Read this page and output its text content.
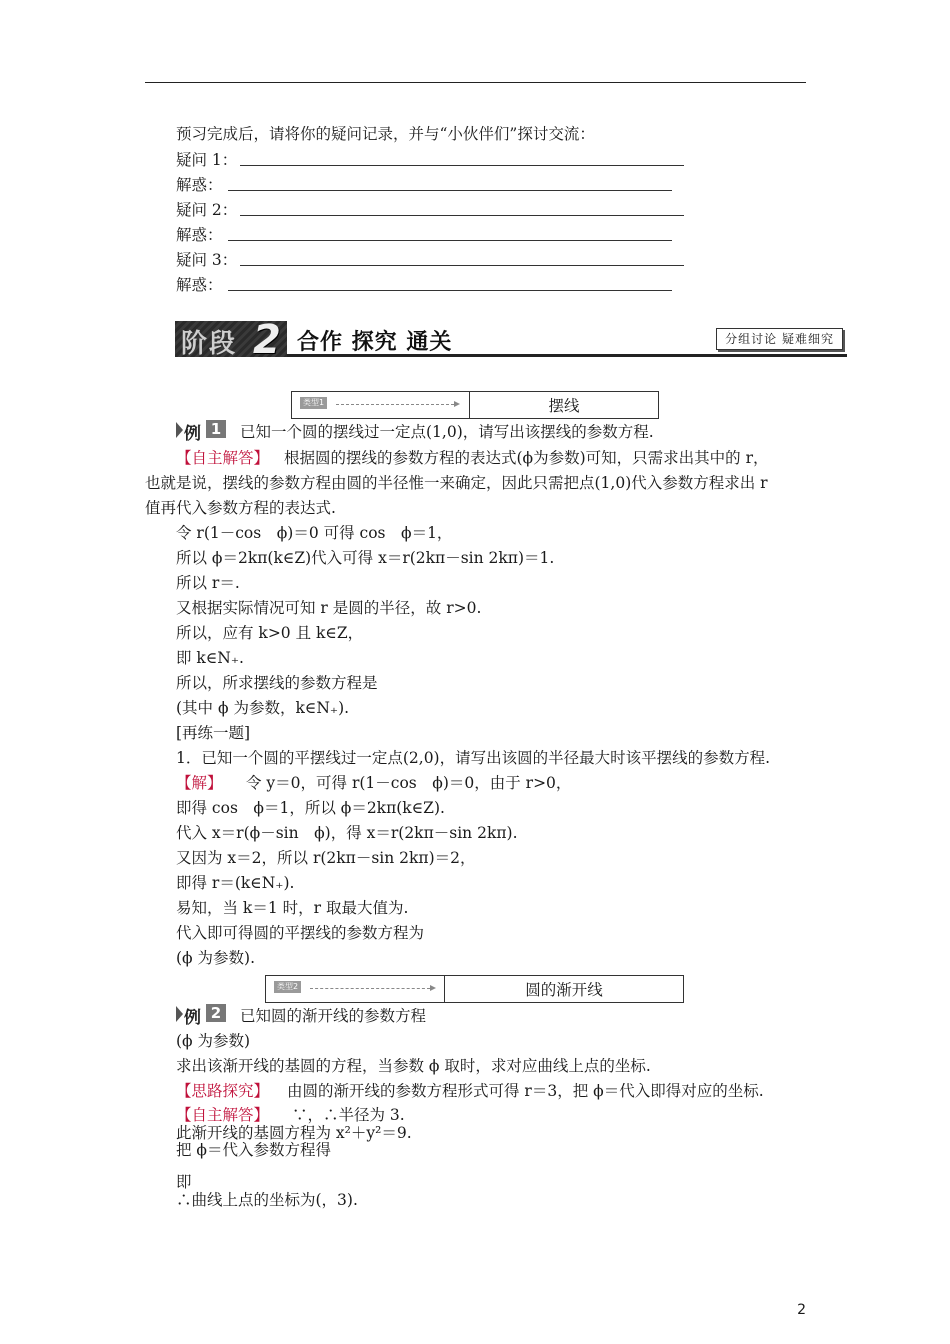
预习完成后，请将你的疑问记录，并与“小伙伴们”探讨交流：
疑问 1：
解惑：
疑问 2：
解惑：
疑问 3：
解惑：
阶段 2 合作 探究 通关	分组讨论 疑难细究
类型1	摆线
例 1	已知一个圆的摆线过一定点(1,0)，请写出该摆线的参数方程.
【自主解答】 根据圆的摆线的参数方程的表达式(ϕ为参数)可知，只需求出其中的 r，
也就是说，摆线的参数方程由圆的半径惟一来确定，因此只需把点(1,0)代入参数方程求出 r
值再代入参数方程的表达式.
令 r(1－cos　ϕ)＝0 可得 cos　ϕ＝1，
所以 ϕ＝2kπ(k∈Z)代入可得 x＝r(2kπ－sin 2kπ)＝1.
所以 r＝.
又根据实际情况可知 r 是圆的半径，故 r>0.
所以，应有 k>0 且 k∈Z，
即 k∈N₊.
所以，所求摆线的参数方程是
(其中 ϕ 为参数，k∈N₊).
[再练一题]
1．已知一个圆的平摆线过一定点(2,0)，请写出该圆的半径最大时该平摆线的参数方程.
【解】 令 y＝0，可得 r(1－cos　ϕ)＝0，由于 r>0，
即得 cos　ϕ＝1，所以 ϕ＝2kπ(k∈Z).
代入 x＝r(ϕ－sin　ϕ)，得 x＝r(2kπ－sin 2kπ).
又因为 x＝2，所以 r(2kπ－sin 2kπ)＝2，
即得 r＝(k∈N₊).
易知，当 k＝1 时，r 取最大值为.
代入即可得圆的平摆线的参数方程为
(ϕ 为参数).
类型2	圆的渐开线
例 2	已知圆的渐开线的参数方程
(ϕ 为参数)
求出该渐开线的基圆的方程，当参数 ϕ 取时，求对应曲线上点的坐标.
【思路探究】 由圆的渐开线的参数方程形式可得 r＝3，把 ϕ＝代入即得对应的坐标.
【自主解答】 ∵，∴半径为 3.
此渐开线的基圆方程为 x²＋y²＝9.
把 ϕ＝代入参数方程得
即
∴曲线上点的坐标为(，3).
2
